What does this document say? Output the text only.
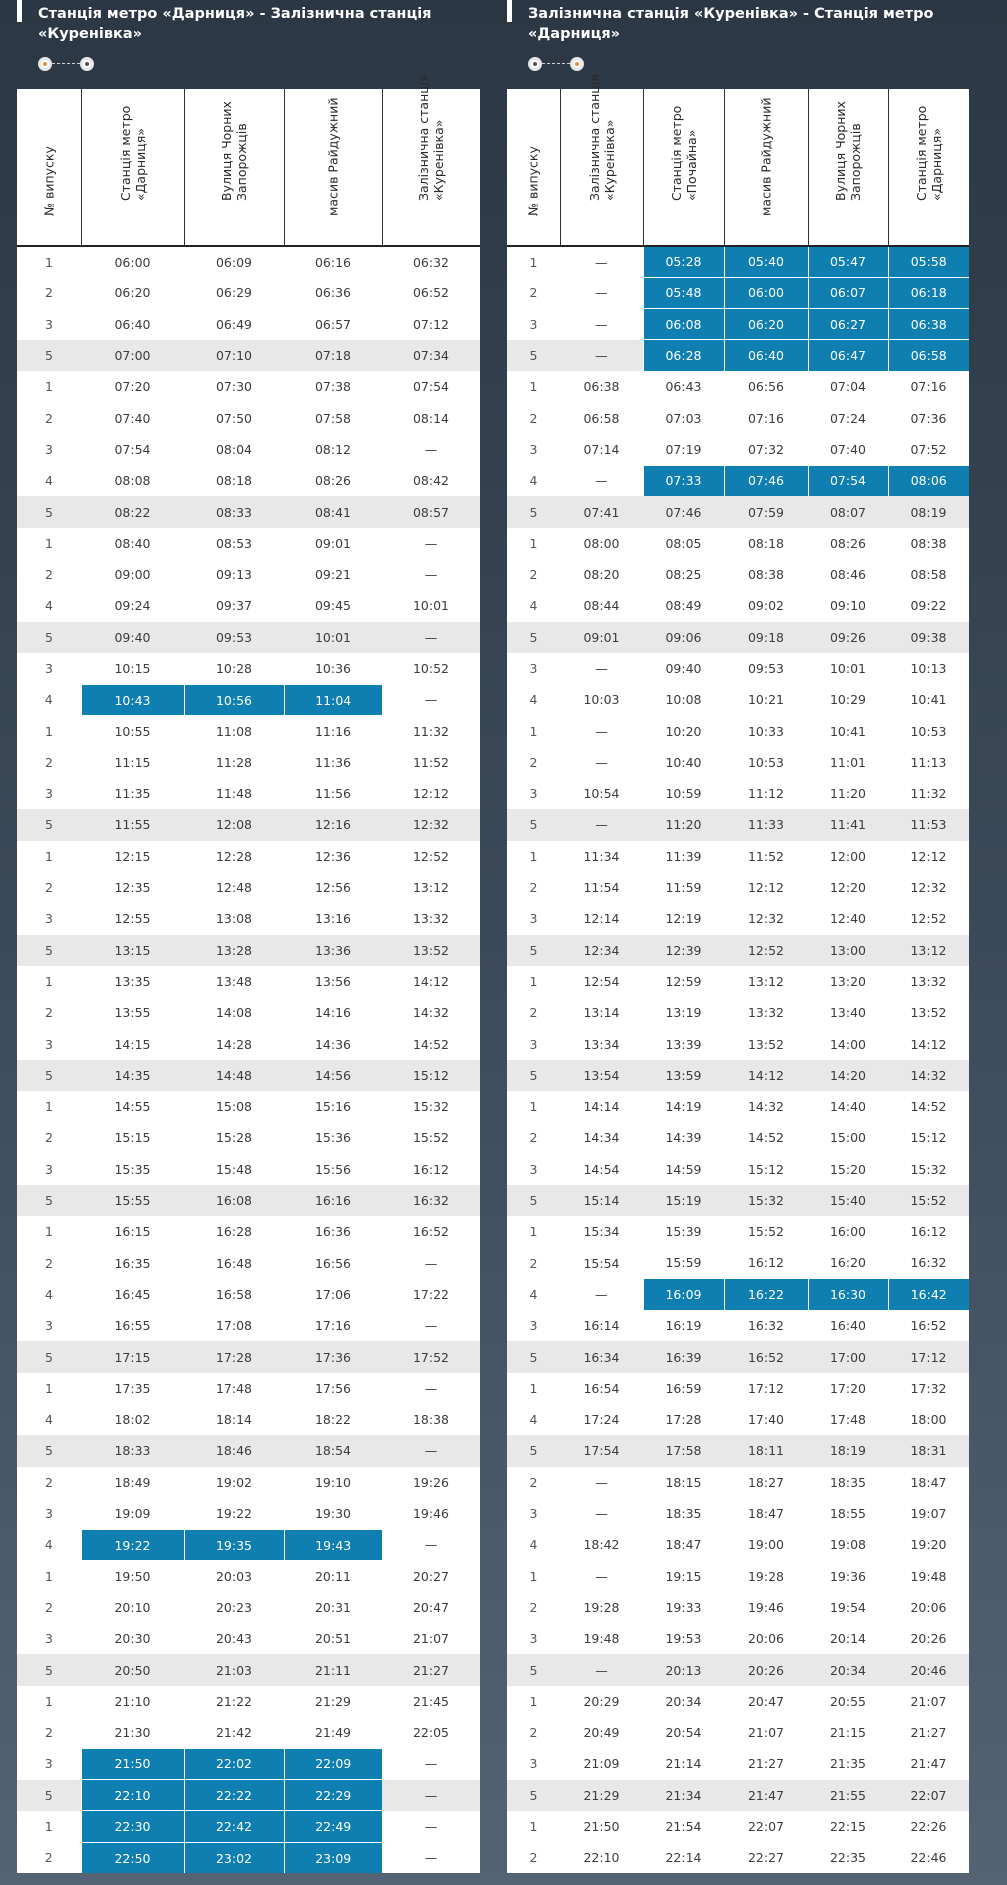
Станція метро «Дарниця» - Залізнична станція
«Куренівка»
№ випуску	Станція метро «Дарниця»	Вулиця Чорних Запорожців	масив Райдужний	Залізнична станція «Куренівка»

1	06:00	06:09	06:16	06:32
2	06:20	06:29	06:36	06:52
3	06:40	06:49	06:57	07:12
5	07:00	07:10	07:18	07:34
1	07:20	07:30	07:38	07:54
2	07:40	07:50	07:58	08:14
3	07:54	08:04	08:12	—
4	08:08	08:18	08:26	08:42
5	08:22	08:33	08:41	08:57
1	08:40	08:53	09:01	—
2	09:00	09:13	09:21	—
4	09:24	09:37	09:45	10:01
5	09:40	09:53	10:01	—
3	10:15	10:28	10:36	10:52
4	10:43	10:56	11:04	—
1	10:55	11:08	11:16	11:32
2	11:15	11:28	11:36	11:52
3	11:35	11:48	11:56	12:12
5	11:55	12:08	12:16	12:32
1	12:15	12:28	12:36	12:52
2	12:35	12:48	12:56	13:12
3	12:55	13:08	13:16	13:32
5	13:15	13:28	13:36	13:52
1	13:35	13:48	13:56	14:12
2	13:55	14:08	14:16	14:32
3	14:15	14:28	14:36	14:52
5	14:35	14:48	14:56	15:12
1	14:55	15:08	15:16	15:32
2	15:15	15:28	15:36	15:52
3	15:35	15:48	15:56	16:12
5	15:55	16:08	16:16	16:32
1	16:15	16:28	16:36	16:52
2	16:35	16:48	16:56	—
4	16:45	16:58	17:06	17:22
3	16:55	17:08	17:16	—
5	17:15	17:28	17:36	17:52
1	17:35	17:48	17:56	—
4	18:02	18:14	18:22	18:38
5	18:33	18:46	18:54	—
2	18:49	19:02	19:10	19:26
3	19:09	19:22	19:30	19:46
4	19:22	19:35	19:43	—
1	19:50	20:03	20:11	20:27
2	20:10	20:23	20:31	20:47
3	20:30	20:43	20:51	21:07
5	20:50	21:03	21:11	21:27
1	21:10	21:22	21:29	21:45
2	21:30	21:42	21:49	22:05
3	21:50	22:02	22:09	—
5	22:10	22:22	22:29	—
1	22:30	22:42	22:49	—
2	22:50	23:02	23:09	—
Залізнична станція «Куренівка» - Станція метро
«Дарниця»
№ випуску	Залізнична станція «Куренівка»	Станція метро «Почайна»	масив Райдужний	Вулиця Чорних Запорожців	Станція метро «Дарниця»

1	—	05:28	05:40	05:47	05:58
2	—	05:48	06:00	06:07	06:18
3	—	06:08	06:20	06:27	06:38
5	—	06:28	06:40	06:47	06:58
1	06:38	06:43	06:56	07:04	07:16
2	06:58	07:03	07:16	07:24	07:36
3	07:14	07:19	07:32	07:40	07:52
4	—	07:33	07:46	07:54	08:06
5	07:41	07:46	07:59	08:07	08:19
1	08:00	08:05	08:18	08:26	08:38
2	08:20	08:25	08:38	08:46	08:58
4	08:44	08:49	09:02	09:10	09:22
5	09:01	09:06	09:18	09:26	09:38
3	—	09:40	09:53	10:01	10:13
4	10:03	10:08	10:21	10:29	10:41
1	—	10:20	10:33	10:41	10:53
2	—	10:40	10:53	11:01	11:13
3	10:54	10:59	11:12	11:20	11:32
5	—	11:20	11:33	11:41	11:53
1	11:34	11:39	11:52	12:00	12:12
2	11:54	11:59	12:12	12:20	12:32
3	12:14	12:19	12:32	12:40	12:52
5	12:34	12:39	12:52	13:00	13:12
1	12:54	12:59	13:12	13:20	13:32
2	13:14	13:19	13:32	13:40	13:52
3	13:34	13:39	13:52	14:00	14:12
5	13:54	13:59	14:12	14:20	14:32
1	14:14	14:19	14:32	14:40	14:52
2	14:34	14:39	14:52	15:00	15:12
3	14:54	14:59	15:12	15:20	15:32
5	15:14	15:19	15:32	15:40	15:52
1	15:34	15:39	15:52	16:00	16:12
2	15:54	15:59	16:12	16:20	16:32
4	—	16:09	16:22	16:30	16:42
3	16:14	16:19	16:32	16:40	16:52
5	16:34	16:39	16:52	17:00	17:12
1	16:54	16:59	17:12	17:20	17:32
4	17:24	17:28	17:40	17:48	18:00
5	17:54	17:58	18:11	18:19	18:31
2	—	18:15	18:27	18:35	18:47
3	—	18:35	18:47	18:55	19:07
4	18:42	18:47	19:00	19:08	19:20
1	—	19:15	19:28	19:36	19:48
2	19:28	19:33	19:46	19:54	20:06
3	19:48	19:53	20:06	20:14	20:26
5	—	20:13	20:26	20:34	20:46
1	20:29	20:34	20:47	20:55	21:07
2	20:49	20:54	21:07	21:15	21:27
3	21:09	21:14	21:27	21:35	21:47
5	21:29	21:34	21:47	21:55	22:07
1	21:50	21:54	22:07	22:15	22:26
2	22:10	22:14	22:27	22:35	22:46
